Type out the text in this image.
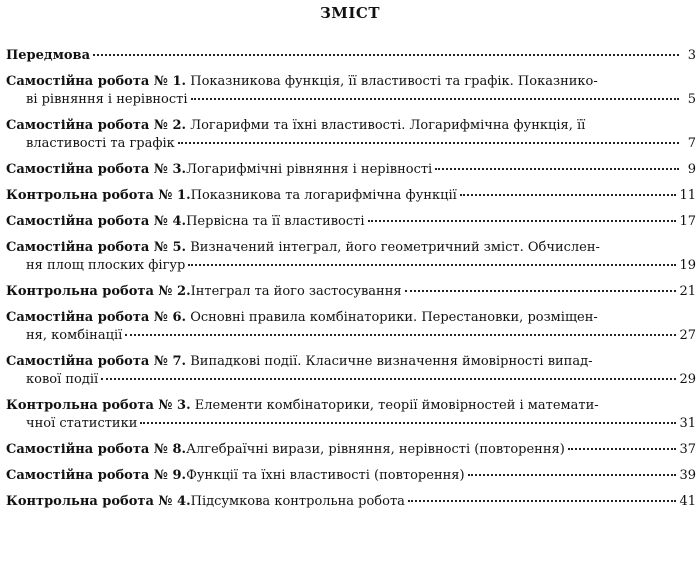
ЗМІСТ
Передмова	3
Самостійна робота № 1. Показникова функція, її властивості та графік. Показнико-
ві рівняння і нерівності	5
Самостійна робота № 2. Логарифми та їхні властивості. Логарифмічна функція, її
властивості та графік	7
Самостійна робота № 3. Логарифмічні рівняння і нерівності	9
Контрольна робота № 1. Показникова та логарифмічна функції	11
Самостійна робота № 4. Первісна та її властивості	17
Самостійна робота № 5. Визначений інтеграл, його геометричний зміст. Обчислен-
ня площ плоских фігур	19
Контрольна робота № 2. Інтеграл та його застосування	21
Самостійна робота № 6. Основні правила комбінаторики. Перестановки, розміщен-
ня, комбінації	27
Самостійна робота № 7. Випадкові події. Класичне визначення ймовірності випад-
кової події	29
Контрольна робота № 3. Елементи комбінаторики, теорії ймовірностей і математи-
чної статистики	31
Самостійна робота № 8. Алгебраїчні вирази, рівняння, нерівності (повторення)	37
Самостійна робота № 9. Функції та їхні властивості (повторення)	39
Контрольна робота № 4. Підсумкова контрольна робота	41
